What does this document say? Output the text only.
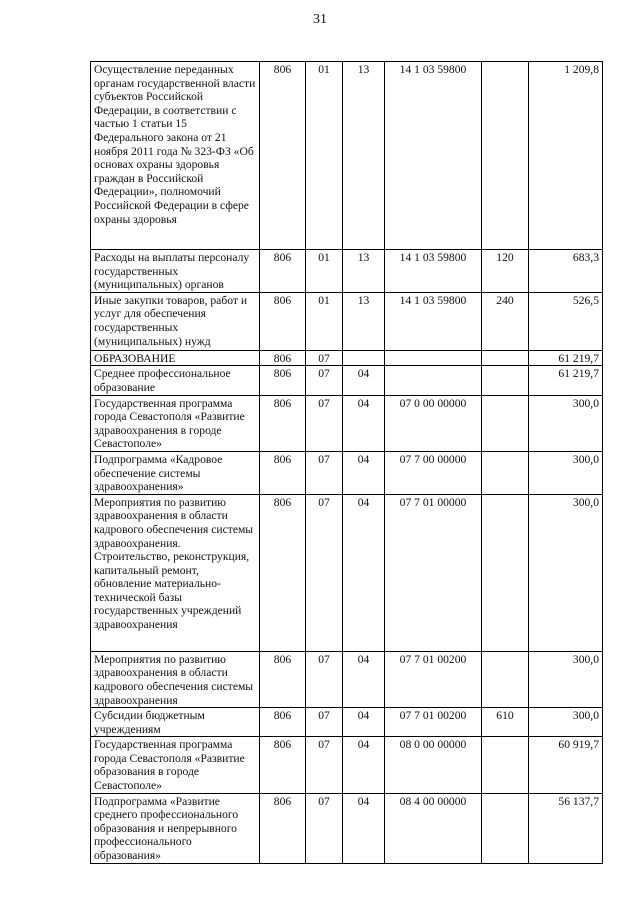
31
Осуществление переданных органам государственной власти субъектов Российской Федерации, в соответствии с частью 1 статьи 15 Федерального закона от 21 ноября 2011 года № 323-ФЗ «Об основах охраны здоровья граждан в Российской Федерации», полномочий Российской Федерации в сфере охраны здоровья	806	01	13	14 1 03 59800		1 209,8
Расходы на выплаты персоналу государственных (муниципальных) органов	806	01	13	14 1 03 59800	120	683,3
Иные закупки товаров, работ и услуг для обеспечения государственных (муниципальных) нужд	806	01	13	14 1 03 59800	240	526,5
ОБРАЗОВАНИЕ	806	07				61 219,7
Среднее профессиональное образование	806	07	04			61 219,7
Государственная программа города Севастополя «Развитие здравоохранения в городе Севастополе»	806	07	04	07 0 00 00000		300,0
Подпрограмма «Кадровое обеспечение системы здравоохранения»	806	07	04	07 7 00 00000		300,0
Мероприятия по развитию здравоохранения в области кадрового обеспечения системы здравоохранения. Строительство, реконструкция, капитальный ремонт, обновление материально-технической базы государственных учреждений здравоохранения	806	07	04	07 7 01 00000		300,0
Мероприятия по развитию здравоохранения в области кадрового обеспечения системы здравоохранения	806	07	04	07 7 01 00200		300,0
Субсидии бюджетным учреждениям	806	07	04	07 7 01 00200	610	300,0
Государственная программа города Севастополя «Развитие образования в городе Севастополе»	806	07	04	08 0 00 00000		60 919,7
Подпрограмма «Развитие среднего профессионального образования и непрерывного профессионального образования»	806	07	04	08 4 00 00000		56 137,7
